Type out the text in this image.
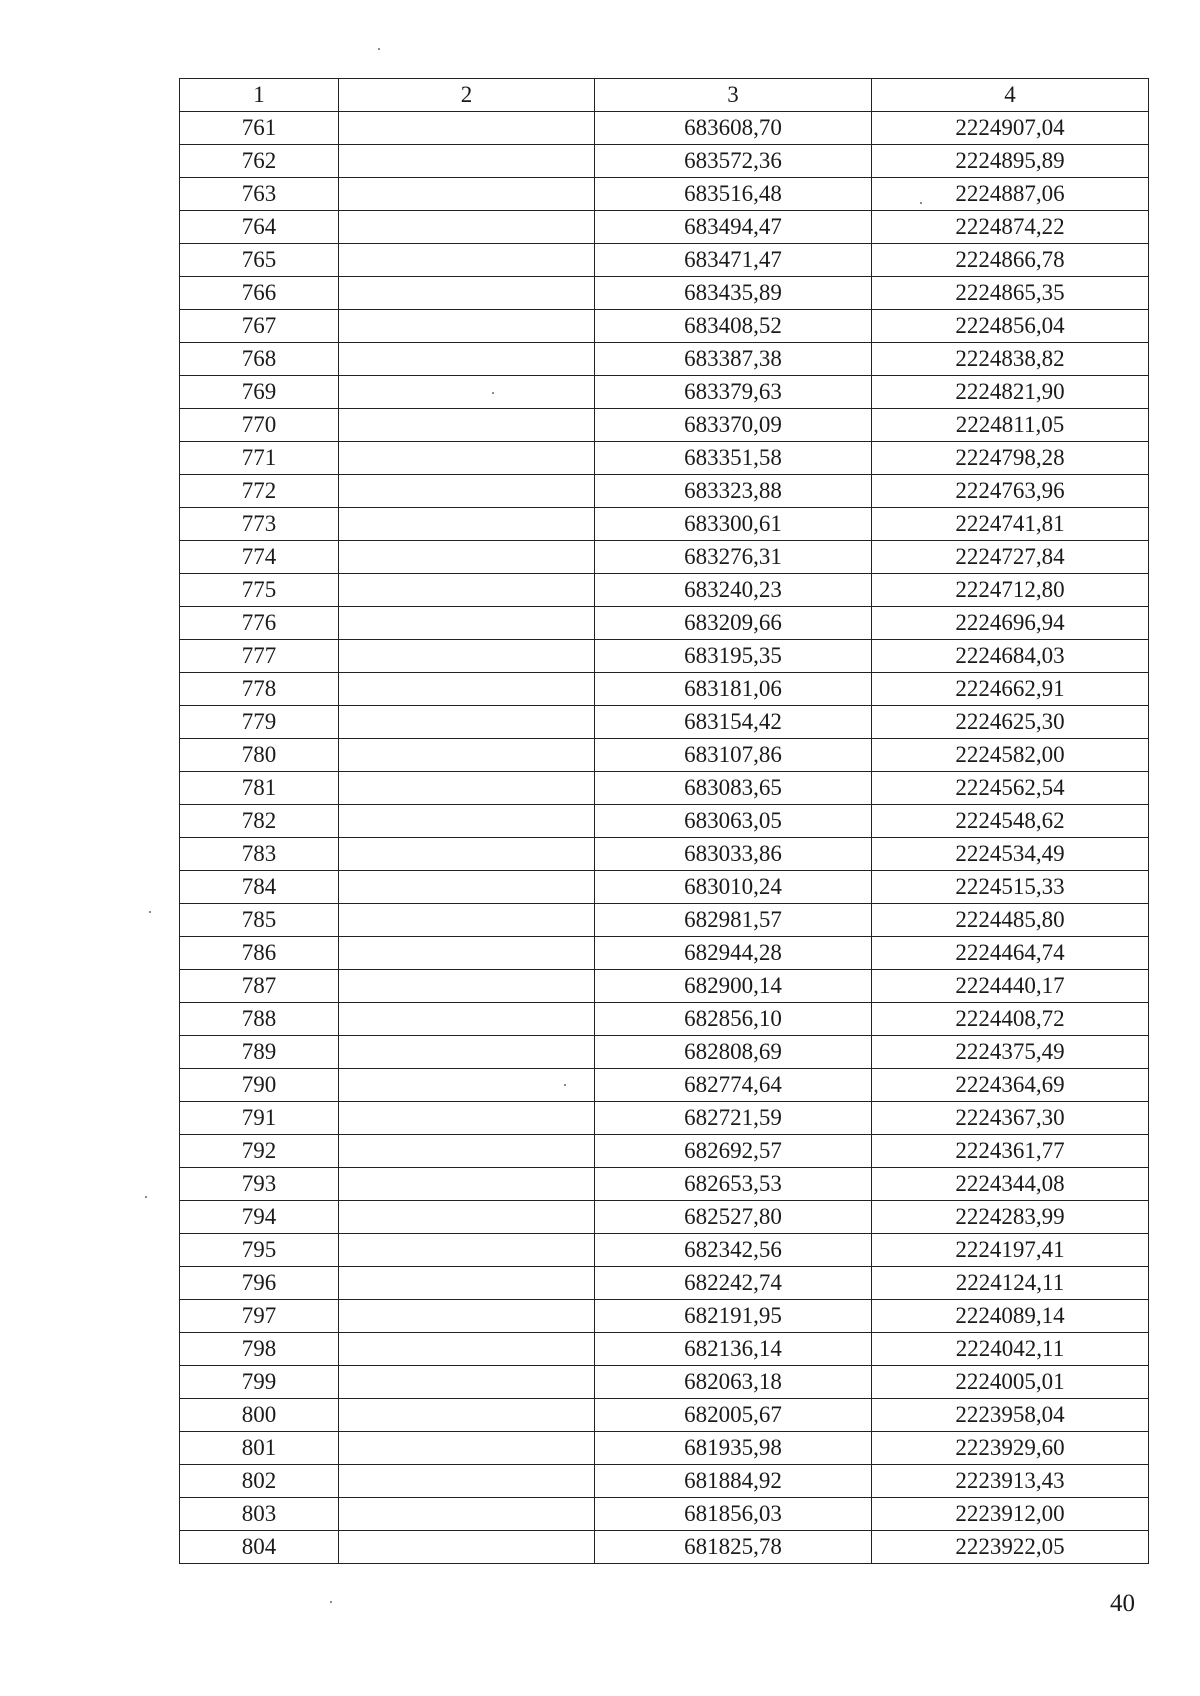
1	2	3	4
761		683608,70	2224907,04
762		683572,36	2224895,89
763		683516,48	2224887,06
764		683494,47	2224874,22
765		683471,47	2224866,78
766		683435,89	2224865,35
767		683408,52	2224856,04
768		683387,38	2224838,82
769		683379,63	2224821,90
770		683370,09	2224811,05
771		683351,58	2224798,28
772		683323,88	2224763,96
773		683300,61	2224741,81
774		683276,31	2224727,84
775		683240,23	2224712,80
776		683209,66	2224696,94
777		683195,35	2224684,03
778		683181,06	2224662,91
779		683154,42	2224625,30
780		683107,86	2224582,00
781		683083,65	2224562,54
782		683063,05	2224548,62
783		683033,86	2224534,49
784		683010,24	2224515,33
785		682981,57	2224485,80
786		682944,28	2224464,74
787		682900,14	2224440,17
788		682856,10	2224408,72
789		682808,69	2224375,49
790		682774,64	2224364,69
791		682721,59	2224367,30
792		682692,57	2224361,77
793		682653,53	2224344,08
794		682527,80	2224283,99
795		682342,56	2224197,41
796		682242,74	2224124,11
797		682191,95	2224089,14
798		682136,14	2224042,11
799		682063,18	2224005,01
800		682005,67	2223958,04
801		681935,98	2223929,60
802		681884,92	2223913,43
803		681856,03	2223912,00
804		681825,78	2223922,05
40
